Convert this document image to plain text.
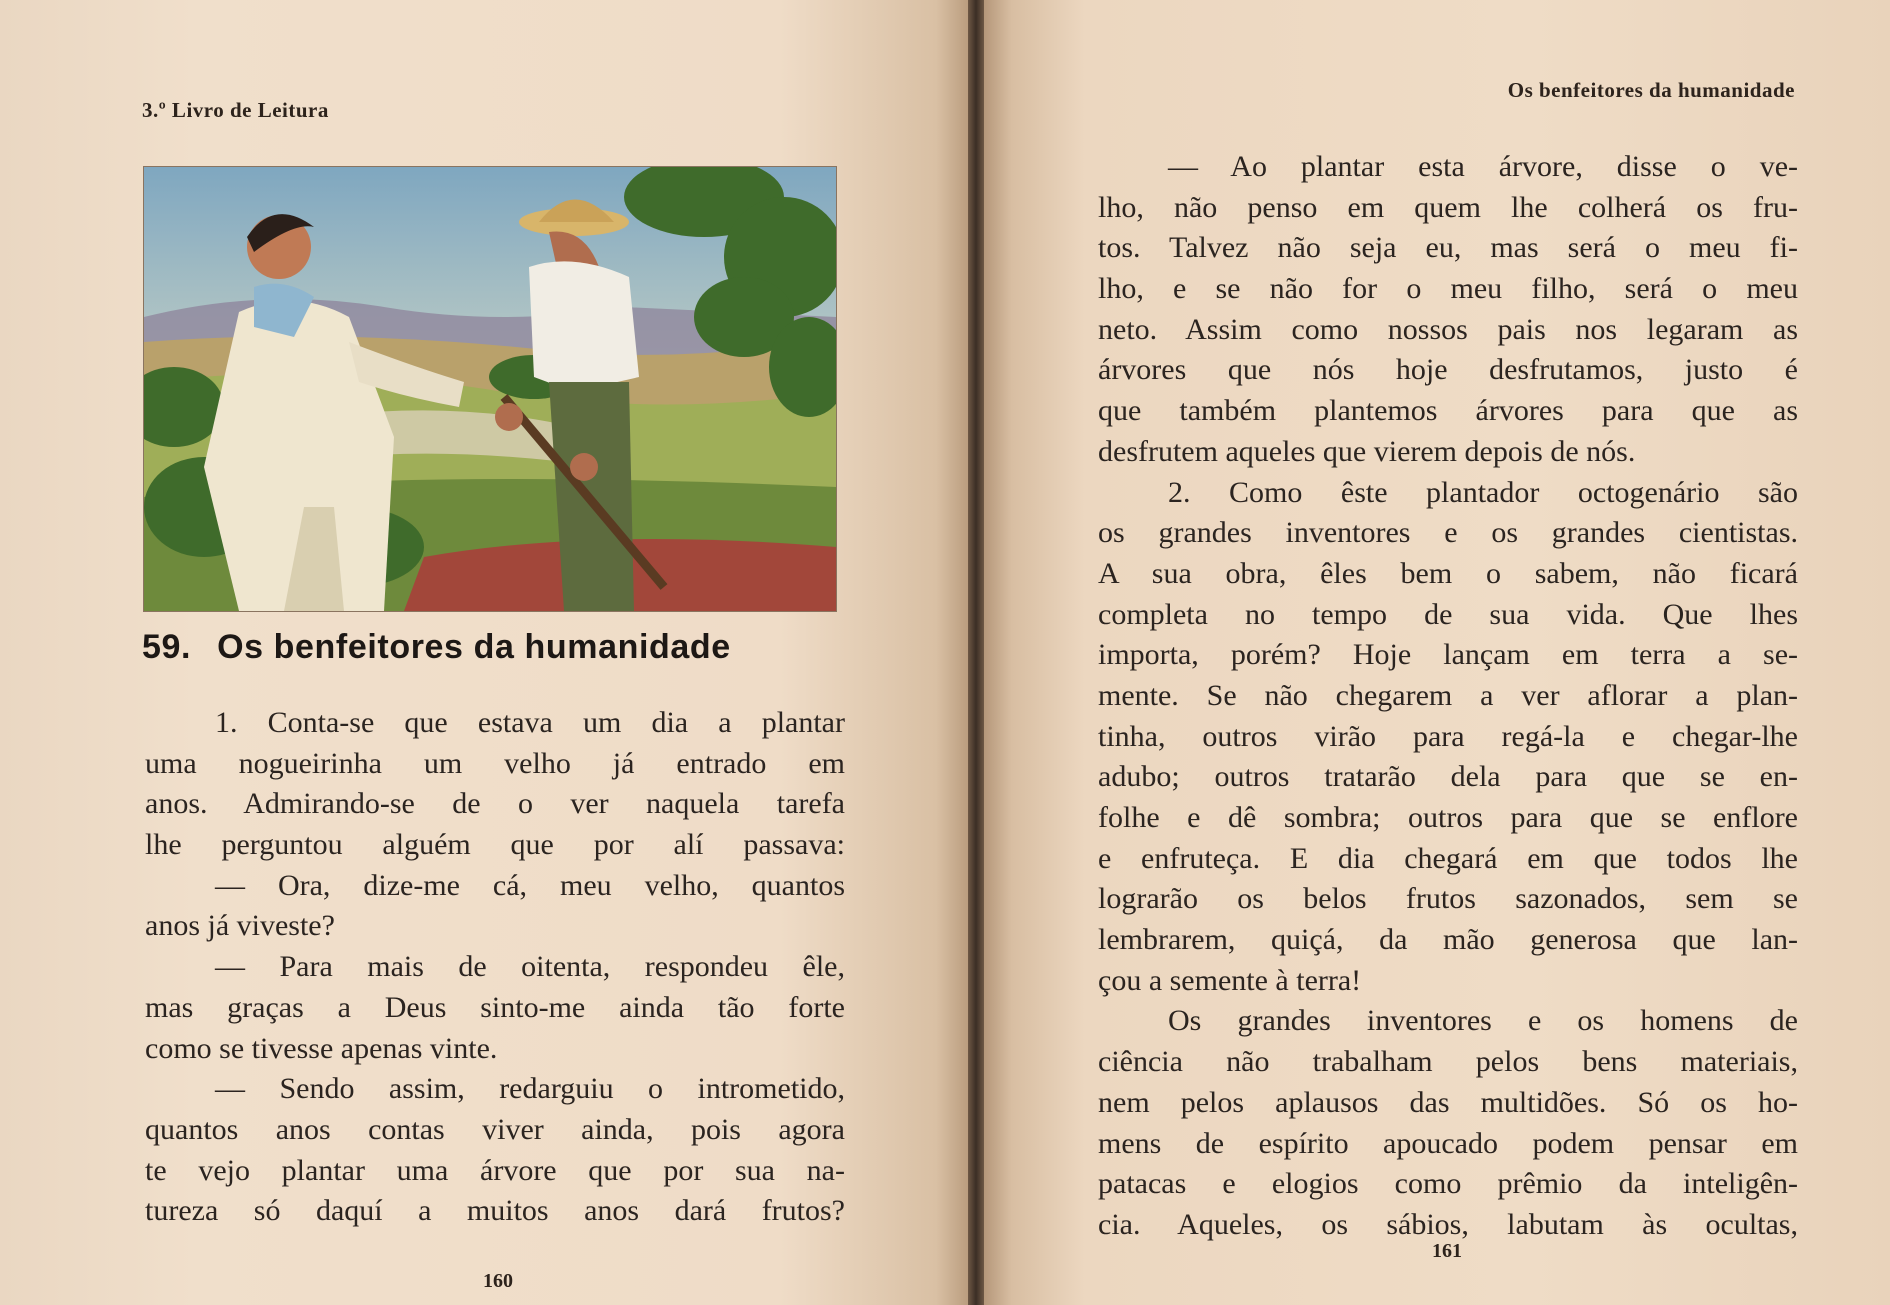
3.º Livro de Leitura
59. Os benfeitores da humanidade
1. Conta-se que estava um dia a plantar
uma nogueirinha um velho já entrado em
anos. Admirando-se de o ver naquela tarefa
lhe perguntou alguém que por alí passava:
— Ora, dize-me cá, meu velho, quantos
anos já viveste?
— Para mais de oitenta, respondeu êle,
mas graças a Deus sinto-me ainda tão forte
como se tivesse apenas vinte.
— Sendo assim, redarguiu o intrometido,
quantos anos contas viver ainda, pois agora
te vejo plantar uma árvore que por sua na-
tureza só daquí a muitos anos dará frutos?
160
Os benfeitores da humanidade
161
— Ao plantar esta árvore, disse o ve-
lho, não penso em quem lhe colherá os fru-
tos. Talvez não seja eu, mas será o meu fi-
lho, e se não for o meu filho, será o meu
neto. Assim como nossos pais nos legaram as
árvores que nós hoje desfrutamos, justo é
que também plantemos árvores para que as
desfrutem aqueles que vierem depois de nós.
2. Como êste plantador octogenário são
os grandes inventores e os grandes cientistas.
A sua obra, êles bem o sabem, não ficará
completa no tempo de sua vida. Que lhes
importa, porém? Hoje lançam em terra a se-
mente. Se não chegarem a ver aflorar a plan-
tinha, outros virão para regá-la e chegar-lhe
adubo; outros tratarão dela para que se en-
folhe e dê sombra; outros para que se enflore
e enfruteça. E dia chegará em que todos lhe
lograrão os belos frutos sazonados, sem se
lembrarem, quiçá, da mão generosa que lan-
çou a semente à terra!
Os grandes inventores e os homens de
ciência não trabalham pelos bens materiais,
nem pelos aplausos das multidões. Só os ho-
mens de espírito apoucado podem pensar em
patacas e elogios como prêmio da inteligên-
cia. Aqueles, os sábios, labutam às ocultas,
